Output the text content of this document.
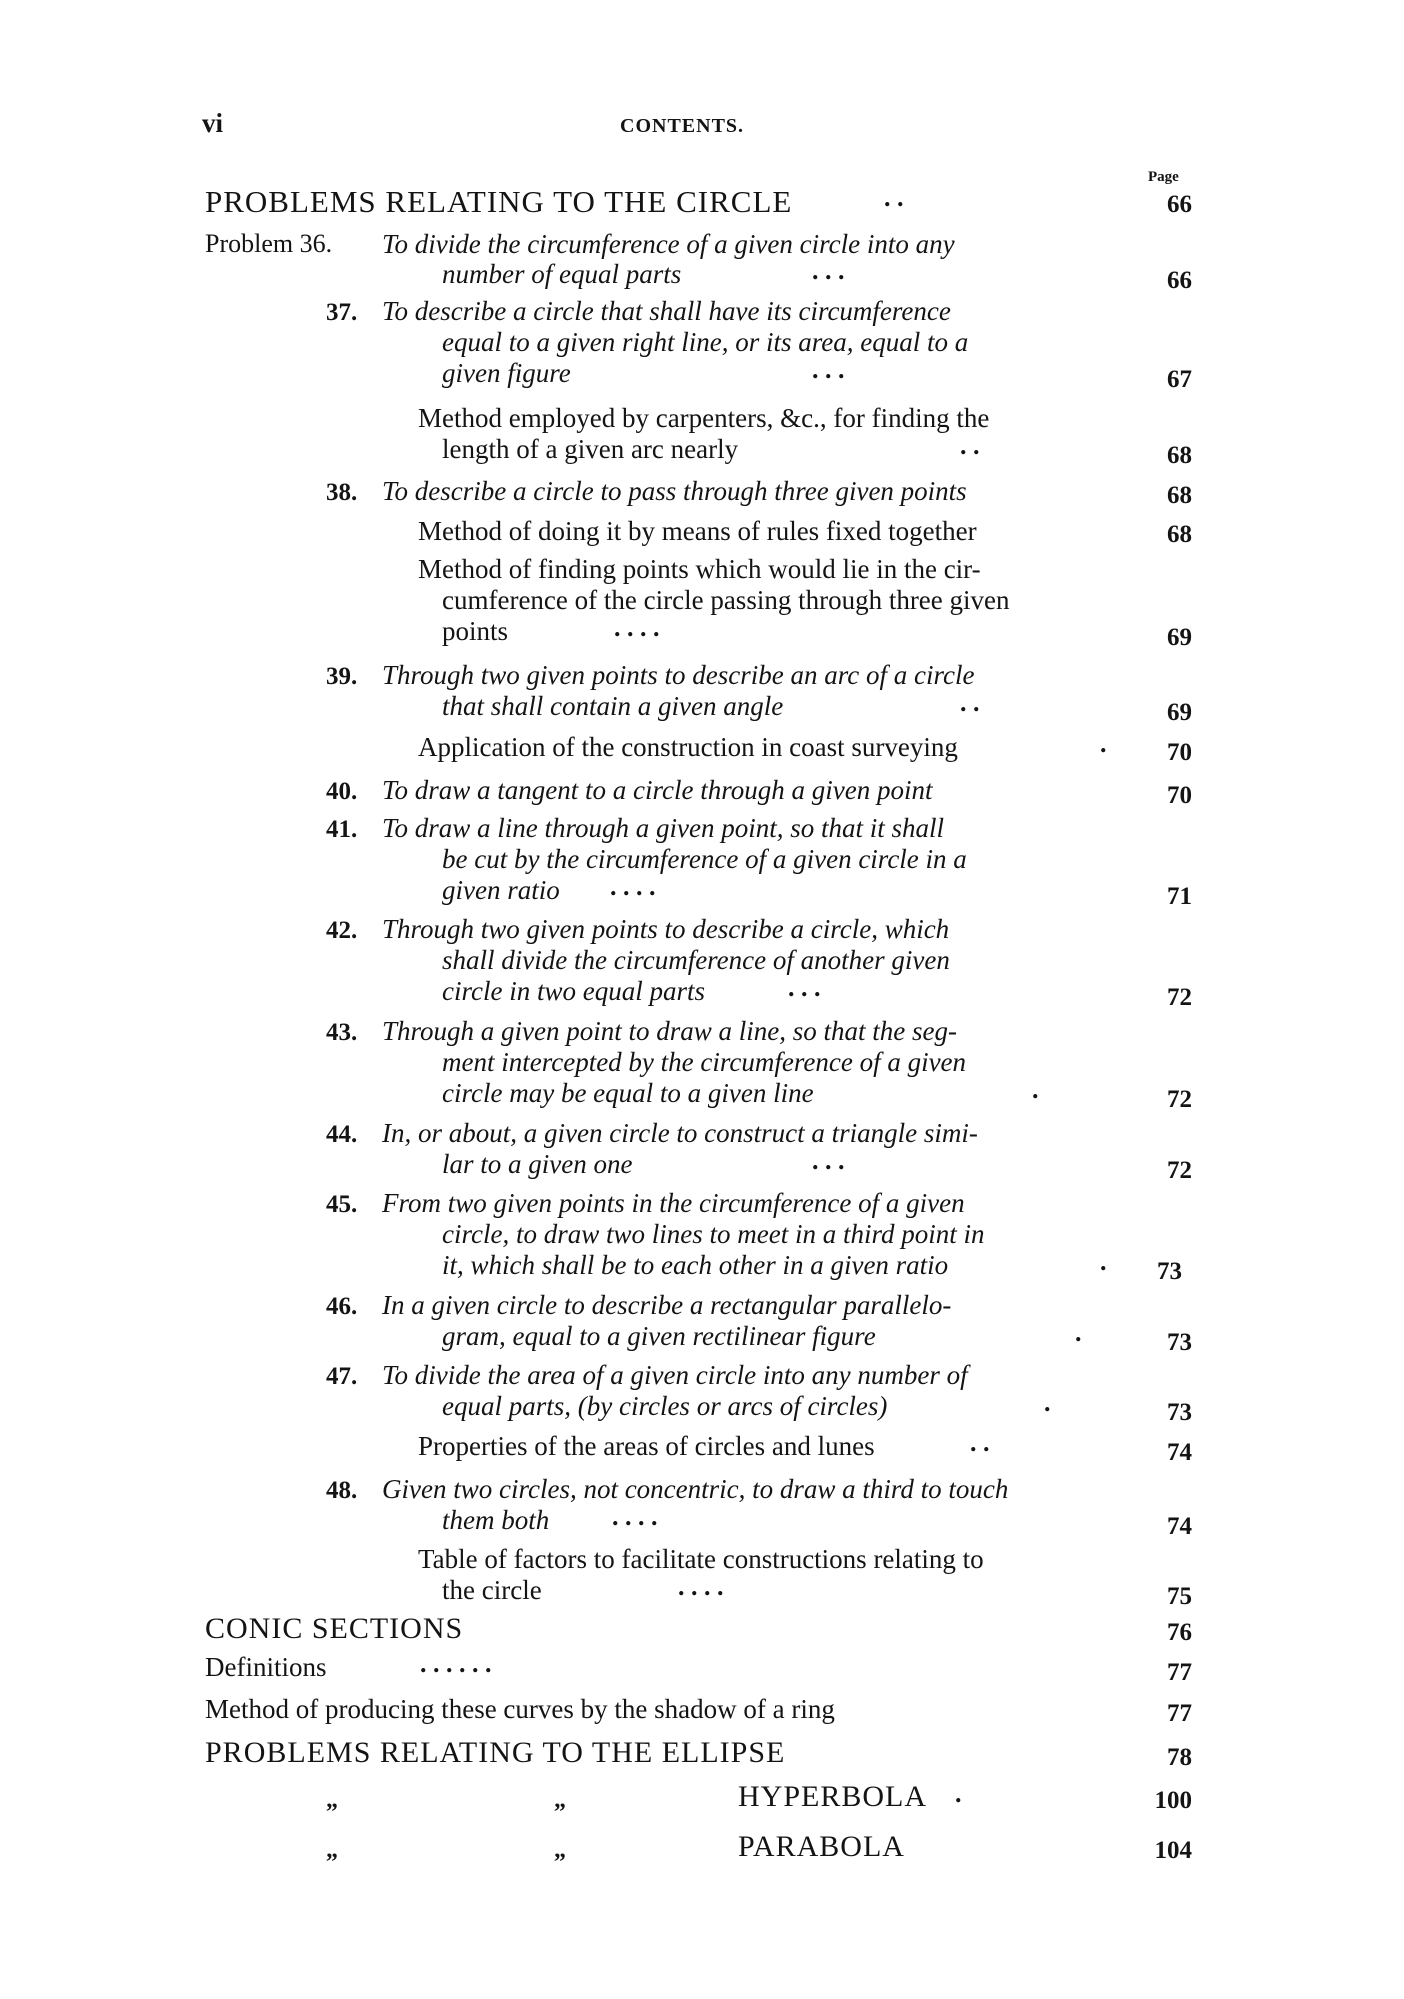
vi	CONTENTS.
Page
PROBLEMS RELATING TO THE CIRCLE	. .	66
Problem 36. To divide the circumference of a given circle into any
number of equal parts	. . .	66
37. To describe a circle that shall have its circumference
equal to a given right line, or its area, equal to a
given figure	. . .	67
Method employed by carpenters, &c., for finding the
length of a given arc nearly	. .	68
38. To describe a circle to pass through three given points	68
Method of doing it by means of rules fixed together	68
Method of finding points which would lie in the cir-
cumference of the circle passing through three given
points	. . . .	69
39. Through two given points to describe an arc of a circle
that shall contain a given angle	. .	69
Application of the construction in coast surveying	. 70
40. To draw a tangent to a circle through a given point	70
41. To draw a line through a given point, so that it shall
be cut by the circumference of a given circle in a
given ratio . . . .	71
42. Through two given points to describe a circle, which
shall divide the circumference of another given
circle in two equal parts	. . .	72
43. Through a given point to draw a line, so that the seg-
ment intercepted by the circumference of a given
circle may be equal to a given line	.	72
44. In, or about, a given circle to construct a triangle simi-
lar to a given one	. . .	72
45. From two given points in the circumference of a given
circle, to draw two lines to meet in a third point in
it, which shall be to each other in a given ratio	. 73
46. In a given circle to describe a rectangular parallelo-
gram, equal to a given rectilinear figure	.	73
47. To divide the area of a given circle into any number of
equal parts, (by circles or arcs of circles)	.	73
Properties of the areas of circles and lunes	. .	74
48. Given two circles, not concentric, to draw a third to touch
them both . . . .	74
Table of factors to facilitate constructions relating to
the circle	. . . .	75
CONIC SECTIONS	76
Definitions	. . . . . .	77
Method of producing these curves by the shadow of a ring	77
PROBLEMS RELATING TO THE ELLIPSE	78
„	„	HYPERBOLA .	100
„	„	PARABOLA	104
